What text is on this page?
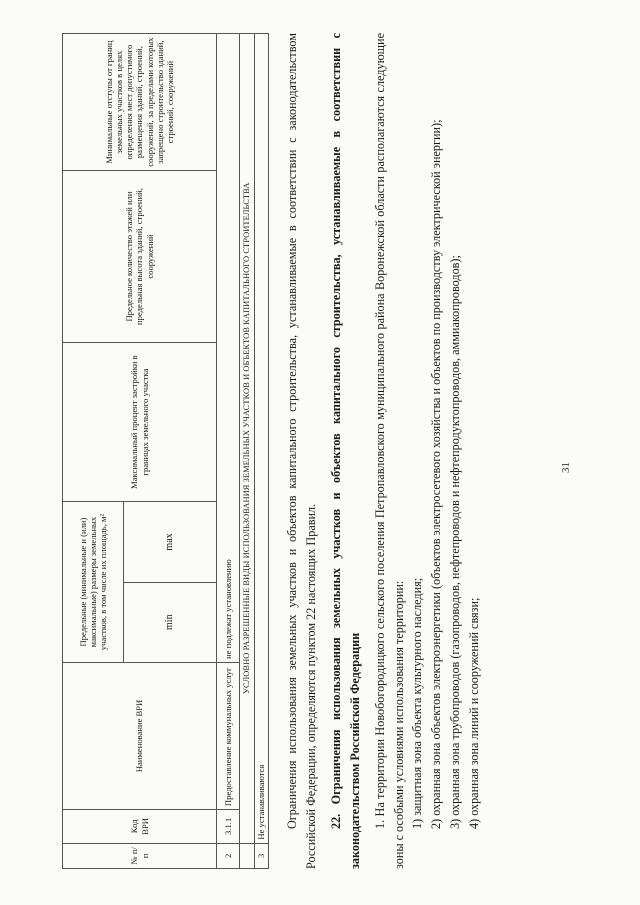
31
№ п/п	Код ВРИ	Наименование ВРИ	Предельные (минимальные и (или) максимальные) размеры земельных участков, в том числе их площадь, м²		Максимальный процент застройки в границах земельного участка	Предельное количество этажей или предельная высота зданий, строений, сооружений	Минимальные отступы от границ земельных участков в целях определения мест допустимого размещения зданий, строений, сооружений, за пределами которых запрещено строительство зданий, строений, сооружений
			min	max			
2	3.1.1	Предоставление коммунальных услуг	не подлежат установлению				
	УСЛОВНО РАЗРЕШЕННЫЕ ВИДЫ ИСПОЛЬЗОВАНИЯ ЗЕМЕЛЬНЫХ УЧАСТКОВ И ОБЪЕКТОВ КАПИТАЛЬНОГО СТРОИТЕЛЬСТВА						
3	Не устанавливаются						Ограничения использования земельных участков и объектов капитального строительства, устанавливаемые в соответствии с законодательством Российской Федерации, определяются пунктом 22 настоящих Правил. 22. Ограничения использования земельных участков и объектов капитального строительства, устанавливаемые в соответствии с законодательством Российской Федерации 1. На территории Новобогородицкого сельского поселения Петропавловского муниципального района Воронежской области располагаются следующие зоны с особыми условиями использования территории: 1) защитная зона объекта культурного наследия; 2) охранная зона объектов электроэнергетики (объектов электросетевого хозяйства и объектов по производству электрической энергии); 3) охранная зона трубопроводов (газопроводов, нефтепроводов и нефтепродуктопроводов, аммиакопроводов); 4) охранная зона линий и сооружений связи;
